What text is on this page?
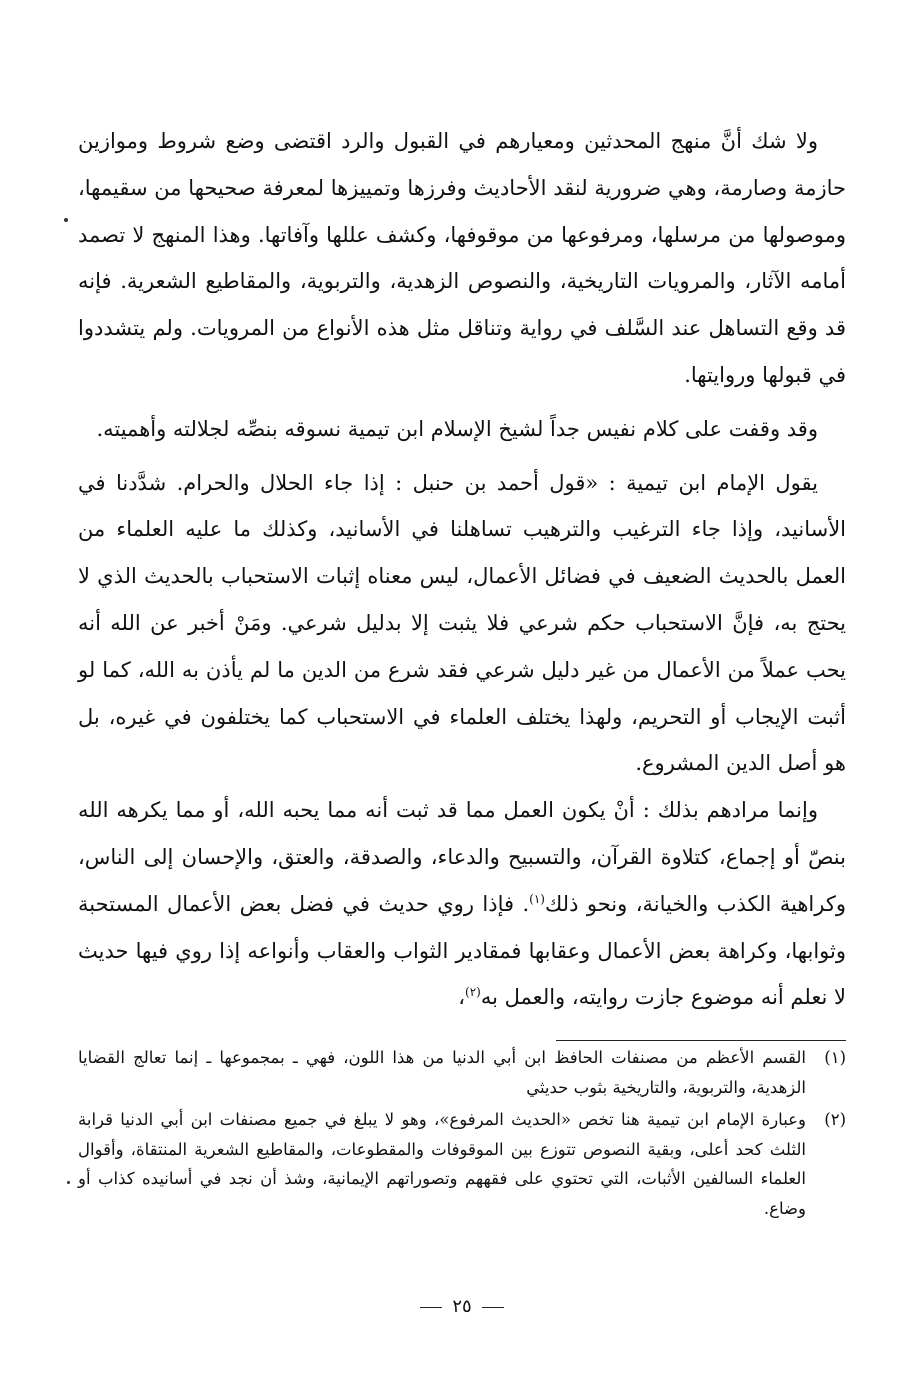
ولا شك أنَّ منهج المحدثين ومعيارهم في القبول والرد اقتضى وضع شروط وموازين حازمة وصارمة، وهي ضرورية لنقد الأحاديث وفرزها وتمييزها لمعرفة صحيحها من سقيمها، وموصولها من مرسلها، ومرفوعها من موقوفها، وكشف عللها وآفاتها. وهذا المنهج لا تصمد أمامه الآثار، والمرويات التاريخية، والنصوص الزهدية، والتربوية، والمقاطيع الشعرية. فإنه قد وقع التساهل عند السَّلف في رواية وتناقل مثل هذه الأنواع من المرويات. ولم يتشددوا في قبولها وروايتها.

وقد وقفت على كلام نفيس جداً لشيخ الإسلام ابن تيمية نسوقه بنصِّه لجلالته وأهميته.

يقول الإمام ابن تيمية : «قول أحمد بن حنبل : إذا جاء الحلال والحرام. شدَّدنا في الأسانيد، وإذا جاء الترغيب والترهيب تساهلنا في الأسانيد، وكذلك ما عليه العلماء من العمل بالحديث الضعيف في فضائل الأعمال، ليس معناه إثبات الاستحباب بالحديث الذي لا يحتج به، فإنَّ الاستحباب حكم شرعي فلا يثبت إلا بدليل شرعي. ومَنْ أخبر عن الله أنه يحب عملاً من الأعمال من غير دليل شرعي فقد شرع من الدين ما لم يأذن به الله، كما لو أثبت الإيجاب أو التحريم، ولهذا يختلف العلماء في الاستحباب كما يختلفون في غيره، بل هو أصل الدين المشروع.

وإنما مرادهم بذلك : أنْ يكون العمل مما قد ثبت أنه مما يحبه الله، أو مما يكرهه الله بنصّ أو إجماع، كتلاوة القرآن، والتسبيح والدعاء، والصدقة، والعتق، والإحسان إلى الناس، وكراهية الكذب والخيانة، ونحو ذلك$^{(١)}$. فإذا روي حديث في فضل بعض الأعمال المستحبة وثوابها، وكراهة بعض الأعمال وعقابها فمقادير الثواب والعقاب وأنواعه إذا روي فيها حديث لا نعلم أنه موضوع جازت روايته، والعمل به$^{(٢)}$،

(١)
القسم الأعظم من مصنفات الحافظ ابن أبي الدنيا من هذا اللون، فهي ـ بمجموعها ـ إنما تعالج القضايا الزهدية، والتربوية، والتاريخية بثوب حديثي
(٢)
وعبارة الإمام ابن تيمية هنا تخص «الحديث المرفوع»، وهو لا يبلغ في جميع مصنفات ابن أبي الدنيا قرابة الثلث كحد أعلى، وبقية النصوص تتوزع بين الموقوفات والمقطوعات، والمقاطيع الشعرية المنتقاة، وأقوال العلماء السالفين الأثبات، التي تحتوي على فقههم وتصوراتهم الإيمانية، وشذ أن نجد في أسانيده كذاب أو وضاع.
٢٥
